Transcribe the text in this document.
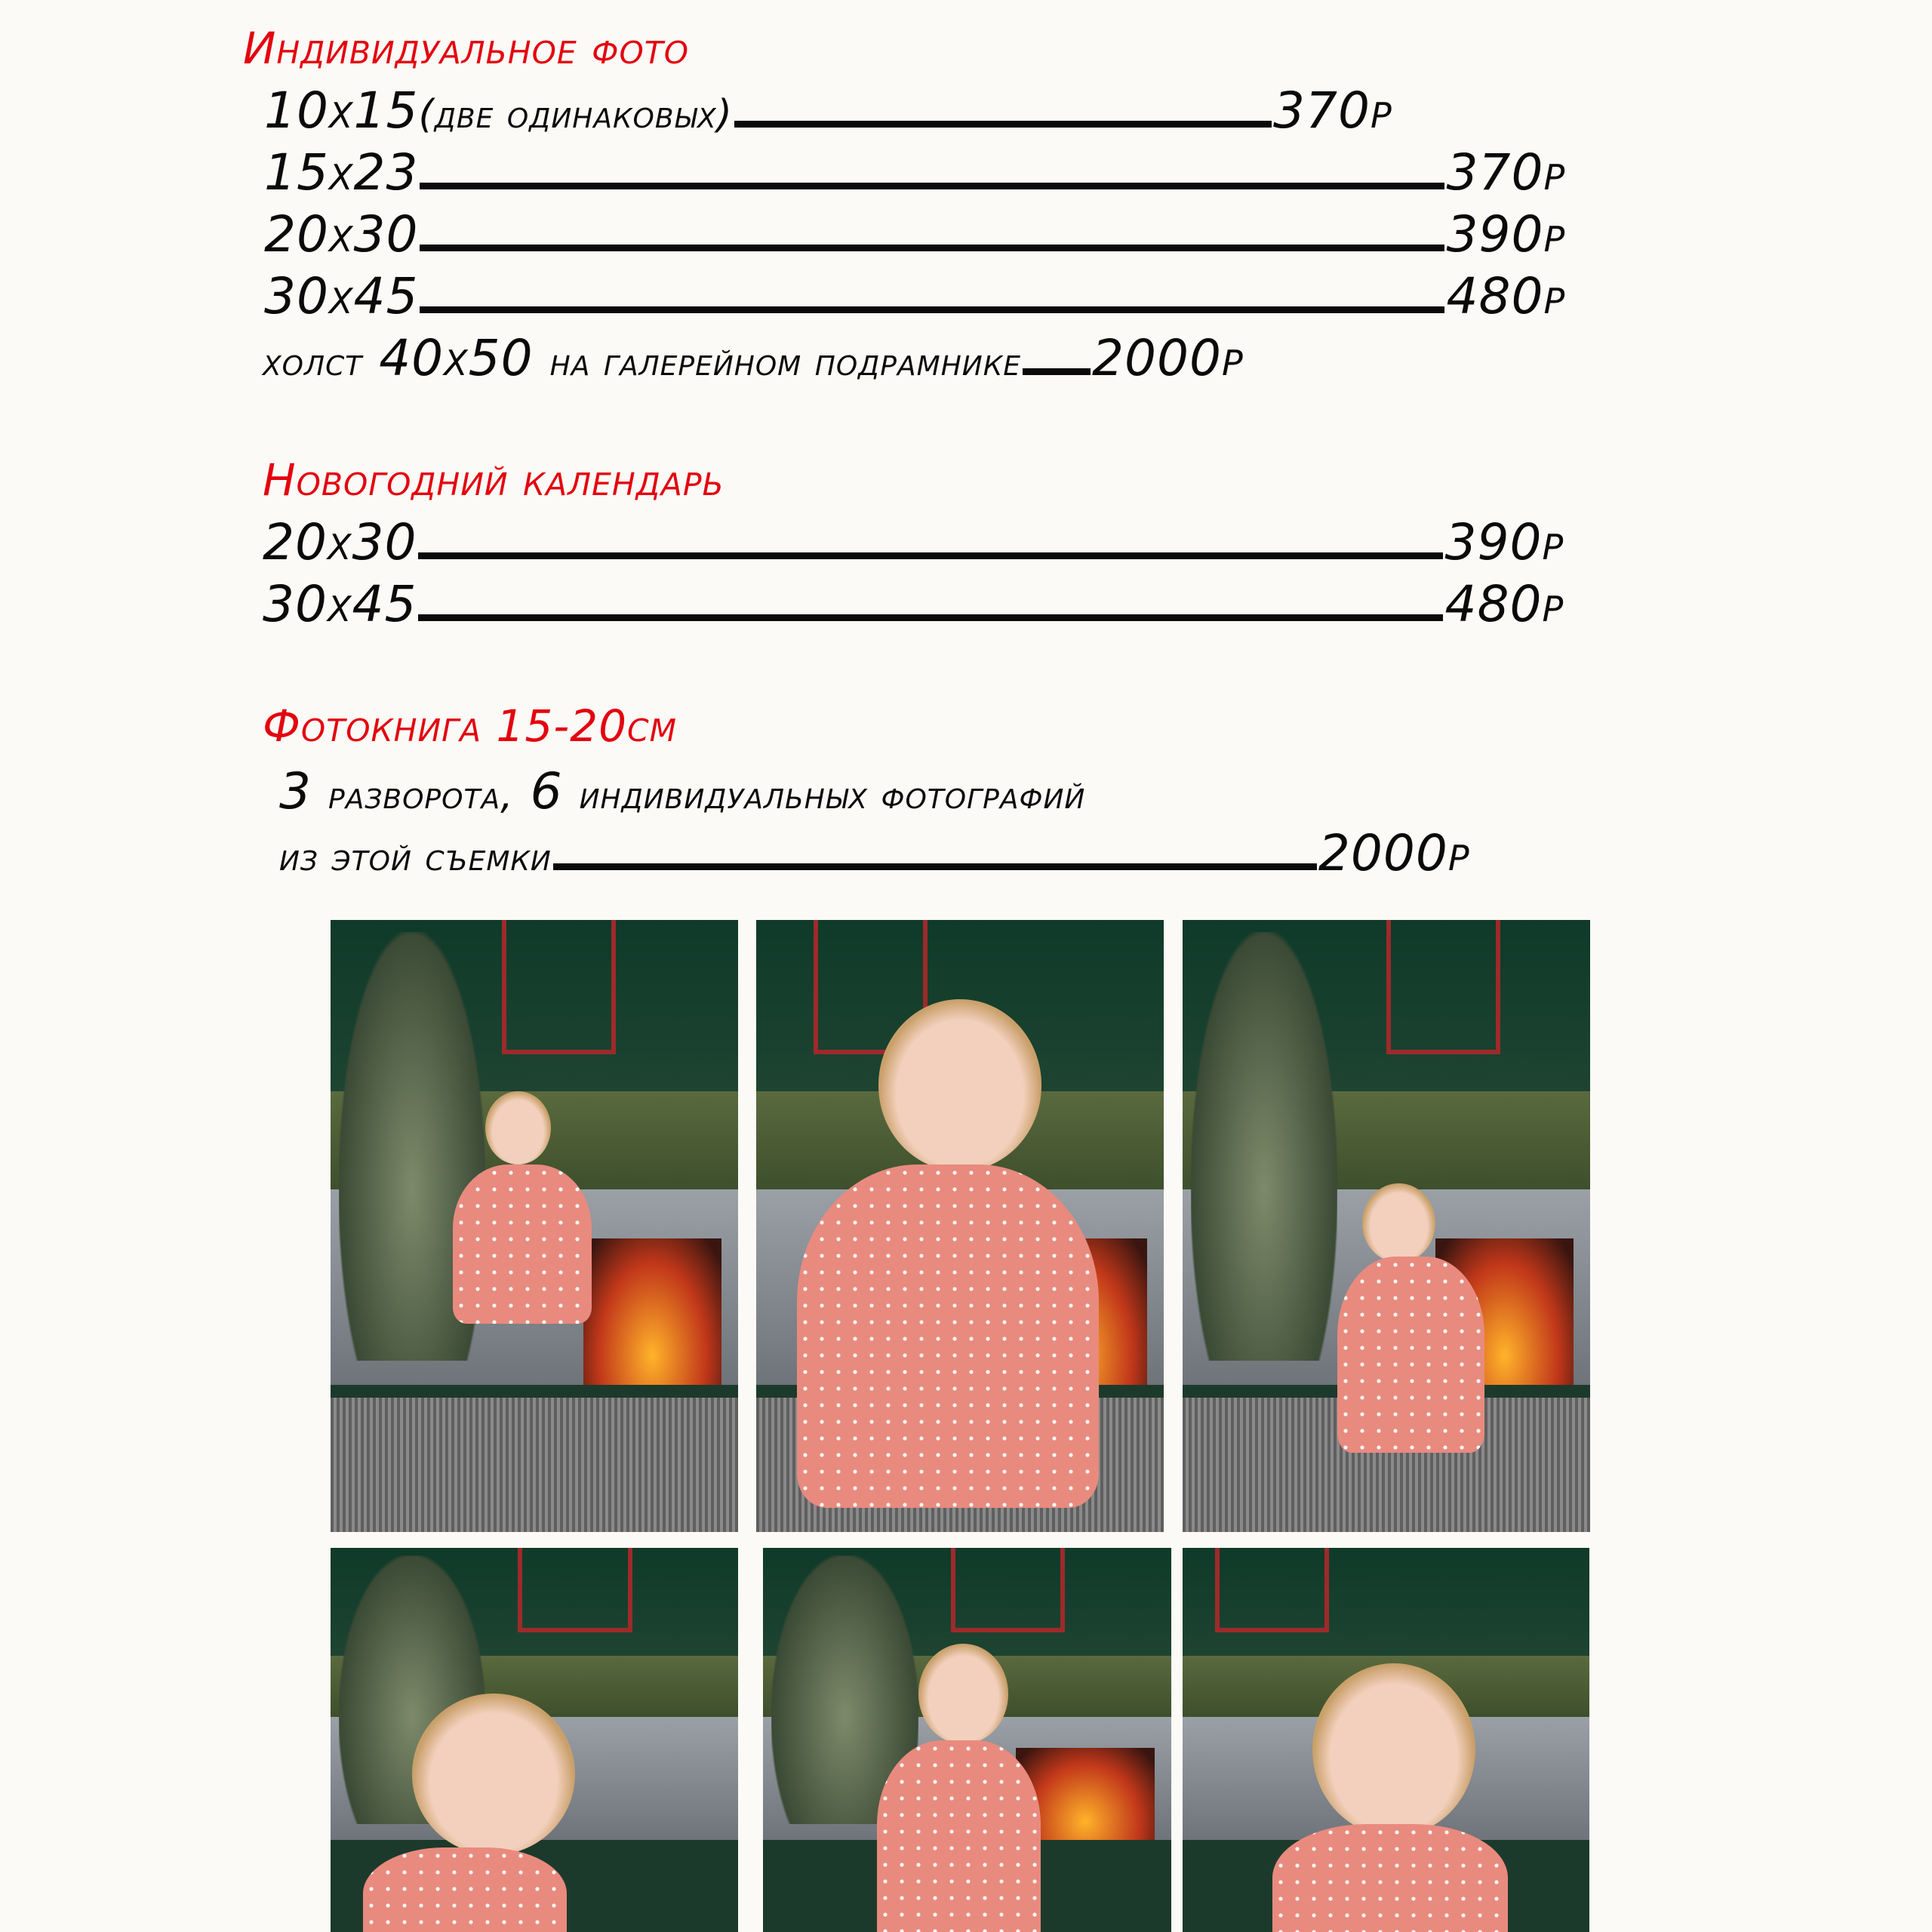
Индивидуальное фото
10x15(две одинаковых)	370р
15x23	370р
20x30	390р
30x45	480р
холст 40x50 на галерейном подрамнике 2000р
Новогодний календарь
20x30	390р
30x45	480р
Фотокнига 15-20см
3 разворота, 6 индивидуальных фотографий
из этой съемки	2000р
